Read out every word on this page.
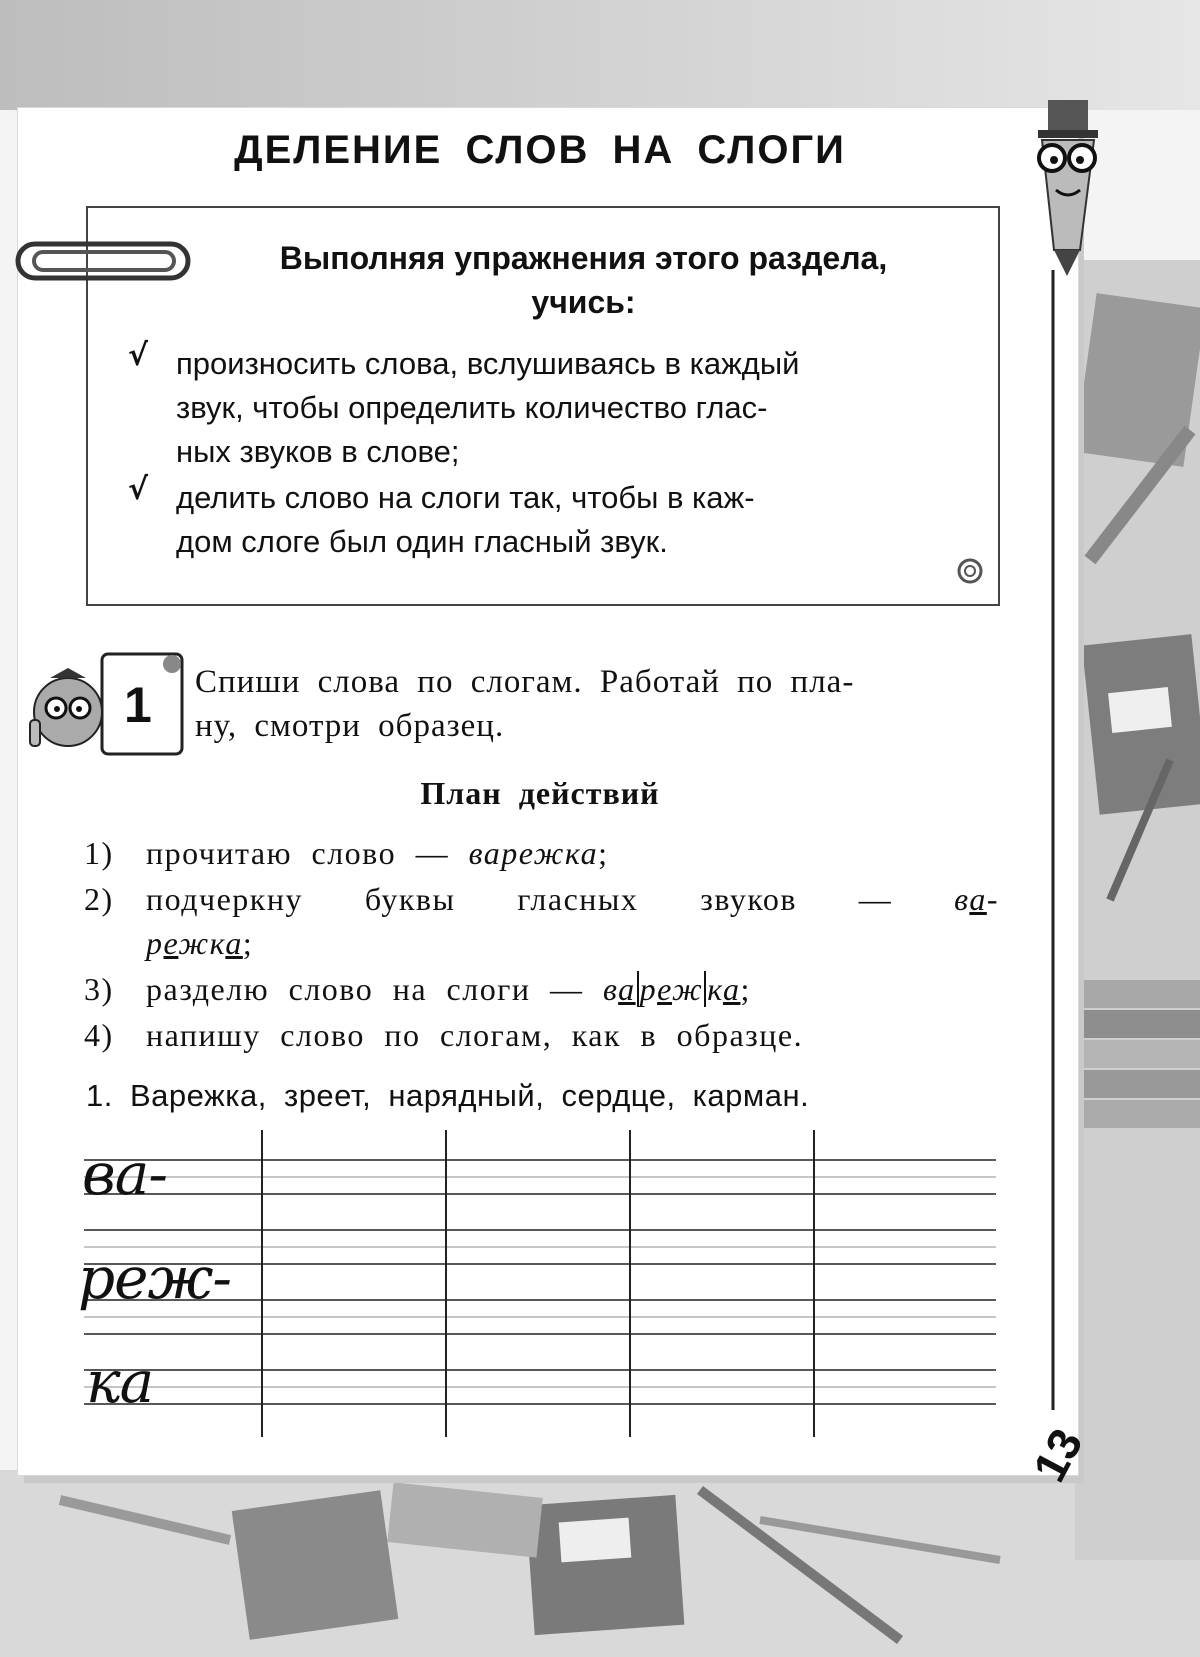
ДЕЛЕНИЕ СЛОВ НА СЛОГИ
Выполняя упражнения этого раздела,
учись:
√ произносить слова, вслушиваясь в каждый
звук, чтобы определить количество глас-
ных звуков в слове;

√ делить слово на слоги так, чтобы в каж-
дом слоге был один гласный звук.

1 Спиши слова по слогам. Работай по пла-
ну, смотри образец.

План действий

1) прочитаю слово — варежка;

2) подчеркну буквы гласных звуков — ва-

режка;

3) разделю слово на слоги — ва реж ка;

4) напишу слово по слогам, как в образце.

1. Варежка, зреет, нарядный, сердце, карман.

ва-
реж-
ка
13
